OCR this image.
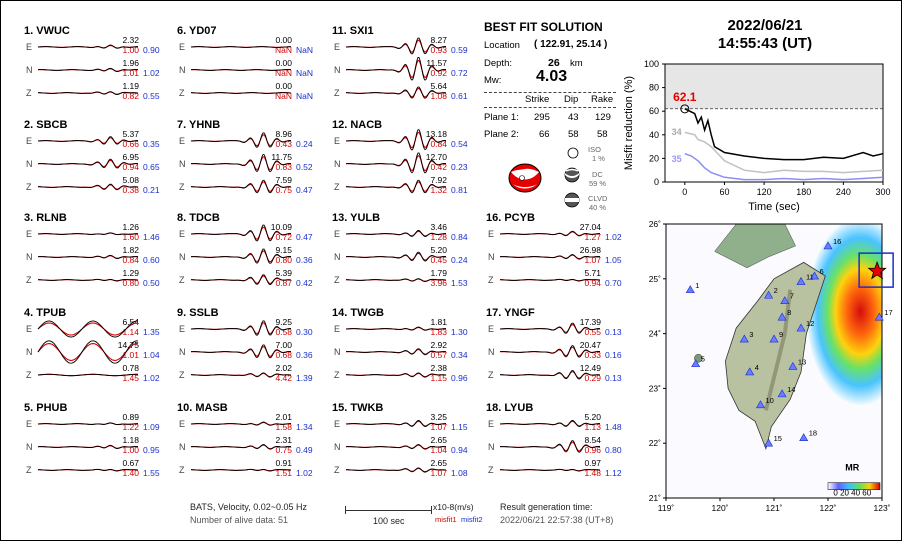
1. VWUC
E
2.32
1.00 0.90
N
1.96
1.01 1.02
Z
1.19
0.82 0.55
2. SBCB
E
5.37
0.66 0.35
N
6.95
0.94 0.65
Z
5.08
0.38 0.21
3. RLNB
E
1.26
1.60 1.46
N
1.82
0.84 0.60
Z
1.29
0.80 0.50
4. TPUB
E
6.54
1.14 1.35
N
14.75
1.01 1.04
Z
0.78
1.45 1.02
5. PHUB
E
0.89
1.22 1.09
N
1.18
1.00 0.95
Z
0.67
1.40 1.55
6. YD07
E
0.00
NaN NaN
N
0.00
NaN NaN
Z
0.00
NaN NaN
7. YHNB
E
8.96
0.43 0.24
N
11.75
0.83 0.52
Z
7.59
0.75 0.47
8. TDCB
E
10.09
0.72 0.47
N
9.15
0.80 0.36
Z
5.39
0.87 0.42
9. SSLB
E
9.25
0.58 0.30
N
7.00
0.68 0.36
Z
2.02
4.42 1.39
10. MASB
E
2.01
1.58 1.34
N
2.31
0.75 0.49
Z
0.91
1.51 1.02
11. SXI1
E
8.27
0.93 0.59
N
11.57
0.92 0.72
Z
5.64
1.08 0.61
12. NACB
E
13.18
0.84 0.54
N
12.70
0.42 0.23
Z
7.92
1.32 0.81
13. YULB
E
3.46
1.28 0.84
N
5.20
0.45 0.24
Z
1.79
3.96 1.53
14. TWGB
E
1.81
1.83 1.30
N
2.92
0.57 0.34
Z
2.38
1.15 0.96
15. TWKB
E
3.25
1.07 1.15
N
2.65
1.04 0.94
Z
2.65
1.07 1.08
16. PCYB
E
27.04
1.27 1.02
N
26.98
1.07 1.05
Z
5.71
0.94 0.70
17. YNGF
E
17.39
0.55 0.13
N
20.47
0.33 0.16
Z
12.49
0.29 0.13
18. LYUB
E
5.20
1.13 1.48
N
8.54
0.96 0.80
Z
0.97
1.48 1.12
BEST FIT SOLUTION
Location ( 122.91, 25.14 )
Depth:	26 km
Mw: 4.03
Strike Dip Rake
Plane 1: 295 43 129
Plane 2: 66 58 58
ISO
1 %
DC
59 %
CLVD
40 %
2022/06/21
14:55:43 (UT)
0
20
40
60
80
100
0	60	120	180	240	300
Time (sec)
Misfit reduction (%)	62.1
34
35
119˚	120˚	121˚	122˚	123˚
21˚
22˚
23˚
24˚
25˚
26˚
1
2
3
4
5
6
7
8
9
10
11
12
13
14
15
16
17
18
MR
0 20 40 60
BATS, Velocity, 0.02~0.05 Hz
Number of alive data: 51	100 sec
x10-8(m/s)
misfit1 misfit2
Result generation time:
2022/06/21 22:57:38 (UT+8)
